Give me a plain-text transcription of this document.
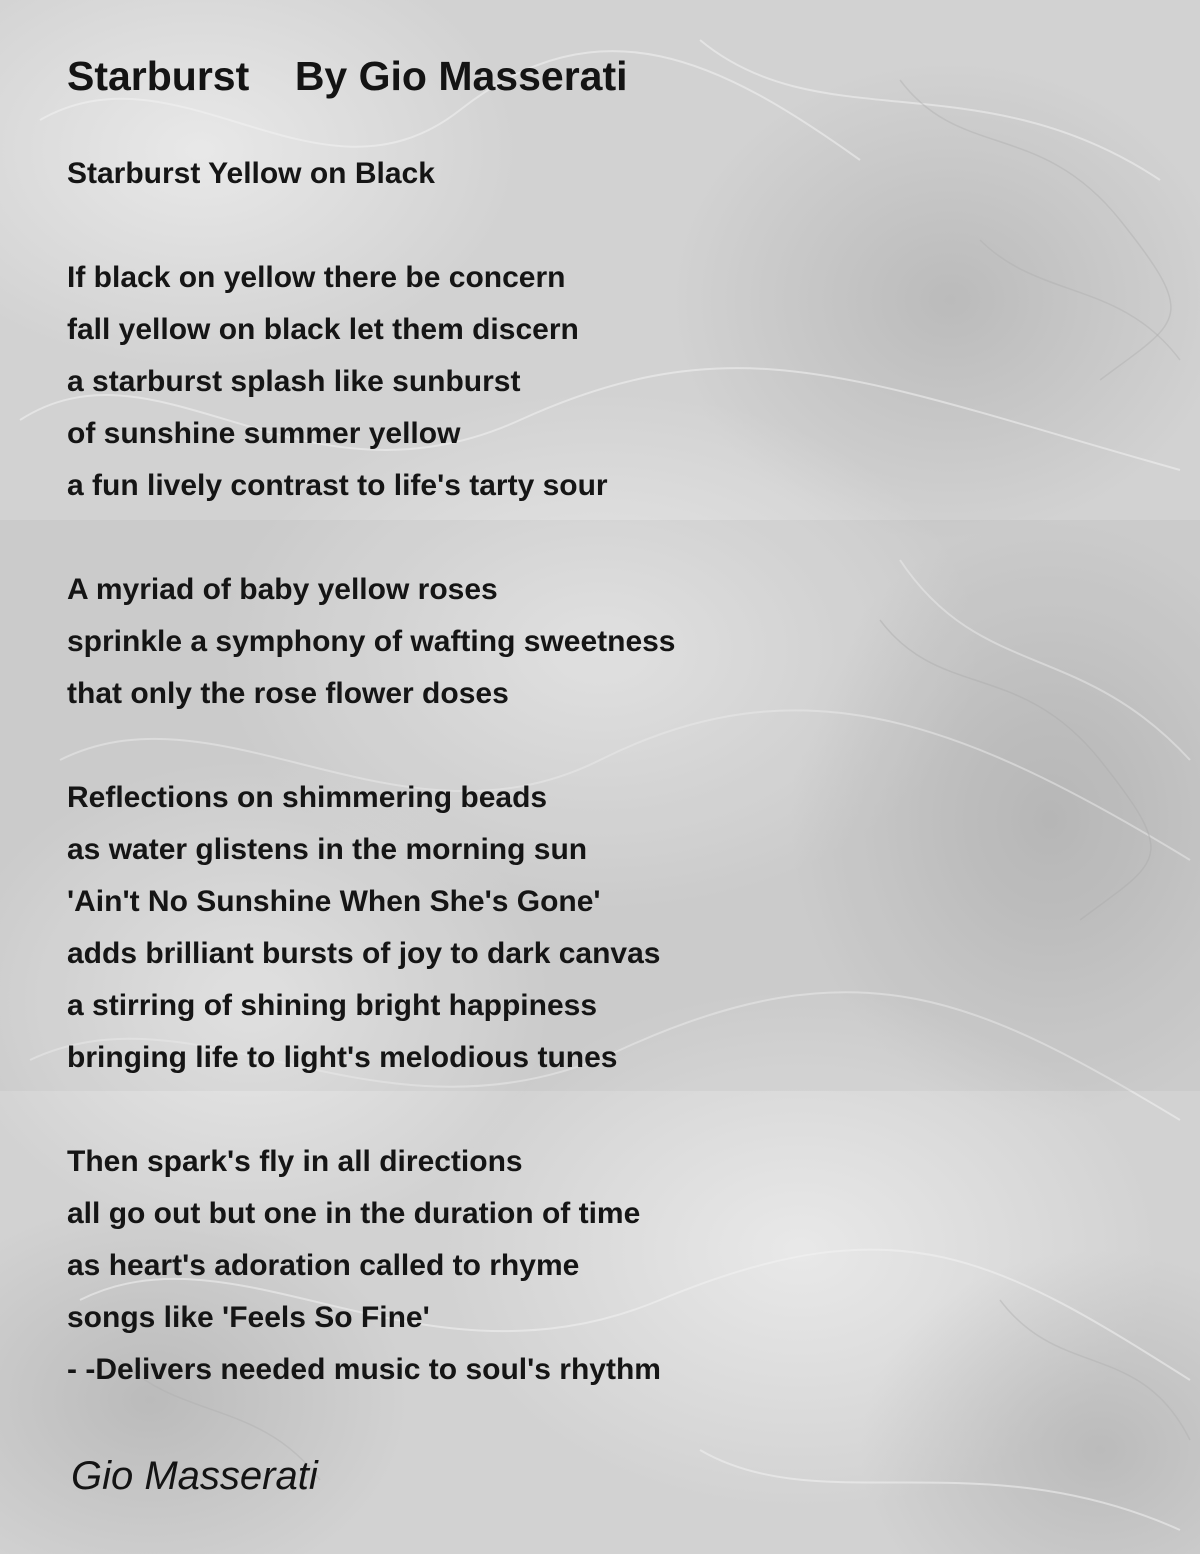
Starburst    By Gio Masserati
Starburst Yellow on Black
If black on yellow there be concern
fall yellow on black let them discern
a starburst splash like sunburst
of sunshine summer yellow
a fun lively contrast to life's tarty sour
A myriad of baby yellow roses
sprinkle a symphony of wafting sweetness
that only the rose flower doses
Reflections on shimmering beads
as water glistens in the morning sun
'Ain't No Sunshine When She's Gone'
adds brilliant bursts of joy to dark canvas
a stirring of shining bright happiness
bringing life to light's melodious tunes
Then spark's fly in all directions
all go out but one in the duration of time
as heart's adoration called to rhyme
songs like 'Feels So Fine'
- -Delivers needed music to soul's rhythm
Gio Masserati
